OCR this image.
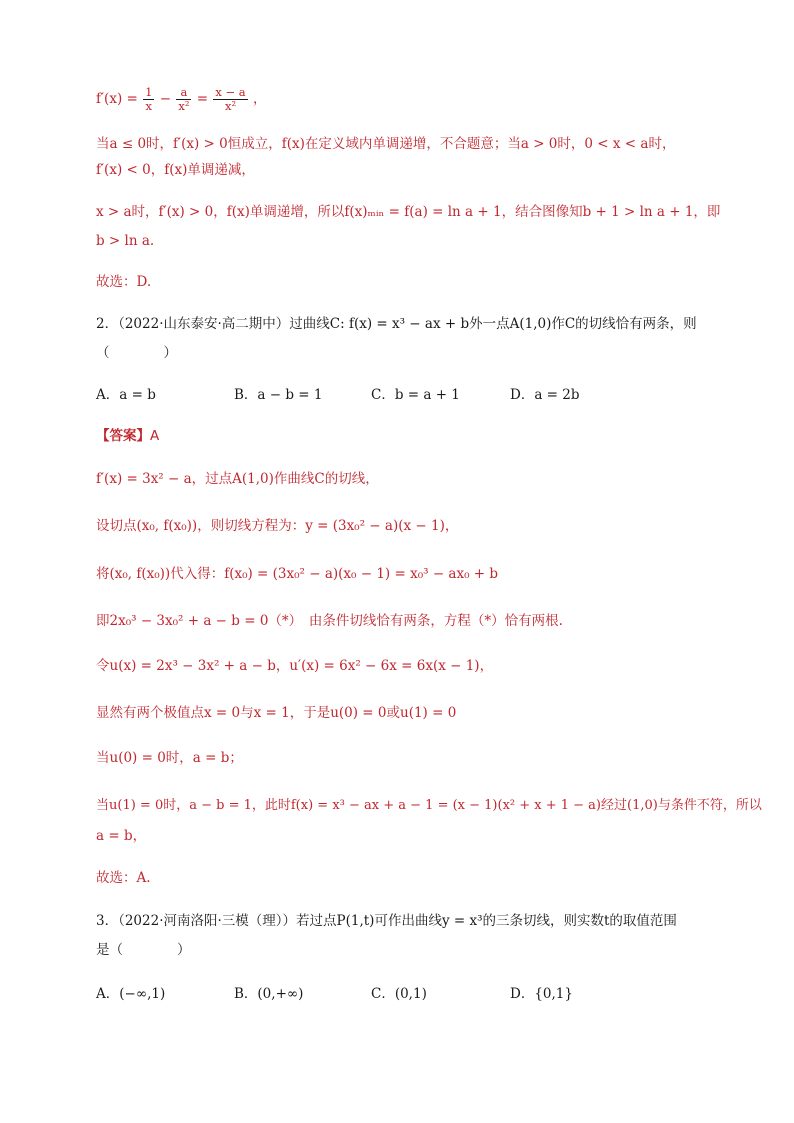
$f'(x) = \frac{1}{x} - \frac{a}{\text{x²}} = \frac{x - a}{\text{x²}}$ ，
当a ≤ 0时，f′(x) > 0恒成立，f(x)在定义域内单调递增，不合题意；当a > 0时，0 < x < a时，
f′(x) < 0，f(x)单调递减，
x > a时，f′(x) > 0，f(x)单调递增，所以f(x)ₘᵢₙ = f(a) = ln a + 1，结合图像知b + 1 > ln a + 1，即
b > ln a.
故选：D.
2．（2022·山东泰安·高二期中）过曲线C: f(x) = x³ − ax + b外一点A(1,0)作C的切线恰有两条，则
（　　　　）
A．a = b	B．a − b = 1	C．b = a + 1	D．a = 2b
【答案】A
f′(x) = 3x² − a，过点A(1,0)作曲线C的切线，
设切点(x₀, f(x₀))，则切线方程为：y = (3x₀² − a)(x − 1)，
将(x₀, f(x₀))代入得：f(x₀) = (3x₀² − a)(x₀ − 1) = x₀³ − ax₀ + b
即2x₀³ − 3x₀² + a − b = 0（*）　由条件切线恰有两条，方程（*）恰有两根.
令u(x) = 2x³ − 3x² + a − b，u′(x) = 6x² − 6x = 6x(x − 1)，
显然有两个极值点x = 0与x = 1，于是u(0) = 0或u(1) = 0
当u(0) = 0时，a = b；
当u(1) = 0时，a − b = 1，此时f(x) = x³ − ax + a − 1 = (x − 1)(x² + x + 1 − a)经过(1,0)与条件不符，所以
a = b，
故选：A.
3．（2022·河南洛阳·三模（理））若过点P(1,t)可作出曲线y = x³的三条切线，则实数t的取值范围
是（　　　　）
A．(−∞,1)	B．(0,+∞)	C．(0,1)	D．{0,1}
